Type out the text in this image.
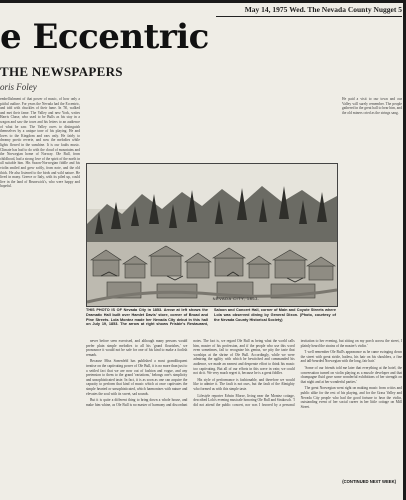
May 14, 1975 Wed. The Nevada County Nugget 5
e Eccentric
THE NEWSPAPERS
oris Foley
embellishment of that power of music, of how only a pitiful outline. For years the Nevada had the Eccentric, and told with chuckles of their fame. In '50, walked and met their fame. The Valley and new York, writes Harris Chase, who used to be Bulls as his stay in a wagon and saw the town and his letters to an audience of what he saw. The Valley owes to distinguish themselves by a unique tone of his playing. He and loves to the Kingdom and ears only. He fairly to dreamy poetic reverie, and now the melodies while lights flowed in the sunshine. It is our faults music. Climate has had to do with the cloud of mountains and the Norwegian home of Norway. Ole Bull, from childhood, had a strong love of the spirit of the north in all suitable him. His Saxon-Norwegian fiddle and his violin smiled and grew softly, from note, and the old thick. He also listened to the birds and wild nature. He lived in many. Greece or Italy, with its piled up, could live in the land of Brunswick's, who were happy and hopeful.
He paid a visit to our town and our Valley will surely remember. The people gathered in the great hall to hear him, and the old miners cried as the strings sang.
NEVADA CITY, 1853.
THIS PHOTO IS OF Nevada City in 1853. Arrow at left shows the Dramatic Hall built over Hamlet Davis' store, corner of Broad and Pine Streets. Lola Montez made her Nevada City debut in this hall on July 19, 1853. The arrow at right shows Frisbie's Restaurant, Saloon and Concert Hall, corner of Main and Coyote Streets where Lola was observed dining by General Dixon. (Photo, courtesy of the Nevada County Historical Society)

never before seen exercised, and although many persons would prefer plain simple melodies to all his 'grand flourishes,' we pronounce it would not be safe for one of his kind to make a foolish remark.

Because Miss Sonenfeld has published a most grandiloquent treatise on the captivating power of Ole Bull, it is no more than just to a settled fact that we are now out of fashion and vogue, and any pretension to them to the grand 'variations,' belongs one's simplicity and unsophisticated taste. In fact, it is as soon as one can acquire the capacity to perform that kind of music which at once captivates the simple hearted or unsophisticated, which harmonizes with nature and elevates the soul with its sweet, sad sounds.

But it is quite a different thing to bring down a whole house, and make him whine, as Ole Bull is no master of harmony and discordant notes. The fact is, we regard Ole Bull as being what the world calls him, master of his profession, and if the people who use this word even sometimes, fail to recognize his genius, we pity the taste that worships at the shrine of Ole Bull. Accordingly, while we were admiring the agility with which he bewitched and commanded his audience, we made an earnest and desperate effort to think his music too captivating. But all of our efforts in this wave in vain; we could not do it. We very much regret it, because he is a great fiddler.

His style of performance is fashionable, and therefore we would like to admire it. The fault is not ours, but the fault of the Almighty who formed us with this simple taste.

Lifestyle reporter Edwin Morse, living near the Montez cottage, described Lola's evening musicale honoring Ole Bull and Strakosch. 'I did not attend the public concert, nor was I favored by a personal invitation to her evening, but sitting on my porch across the street, I plainly heard the strains of the master's violin.'

'I well remember Ole Bull's appearance as he came swinging down the street with great stride, hatless, his hair on his shoulders, a fine and tall-bearded Norwegian with the long, fair hair.'

'Some of our friends told me later that everything at the hotel, the conversation turned on violin playing as a muscle developer and that champagne fluid gave some wonderful exhibitions of her strength on that night and at her wonderful parties.'

The great Norwegian went right on making music from critics and public alike for the rest of his playing, and for the Grass Valley and Nevada City people who had the good fortune to hear the violin, outstanding event of her social career in her little cottage on Mill Street.

(CONTINUED NEXT WEEK)
